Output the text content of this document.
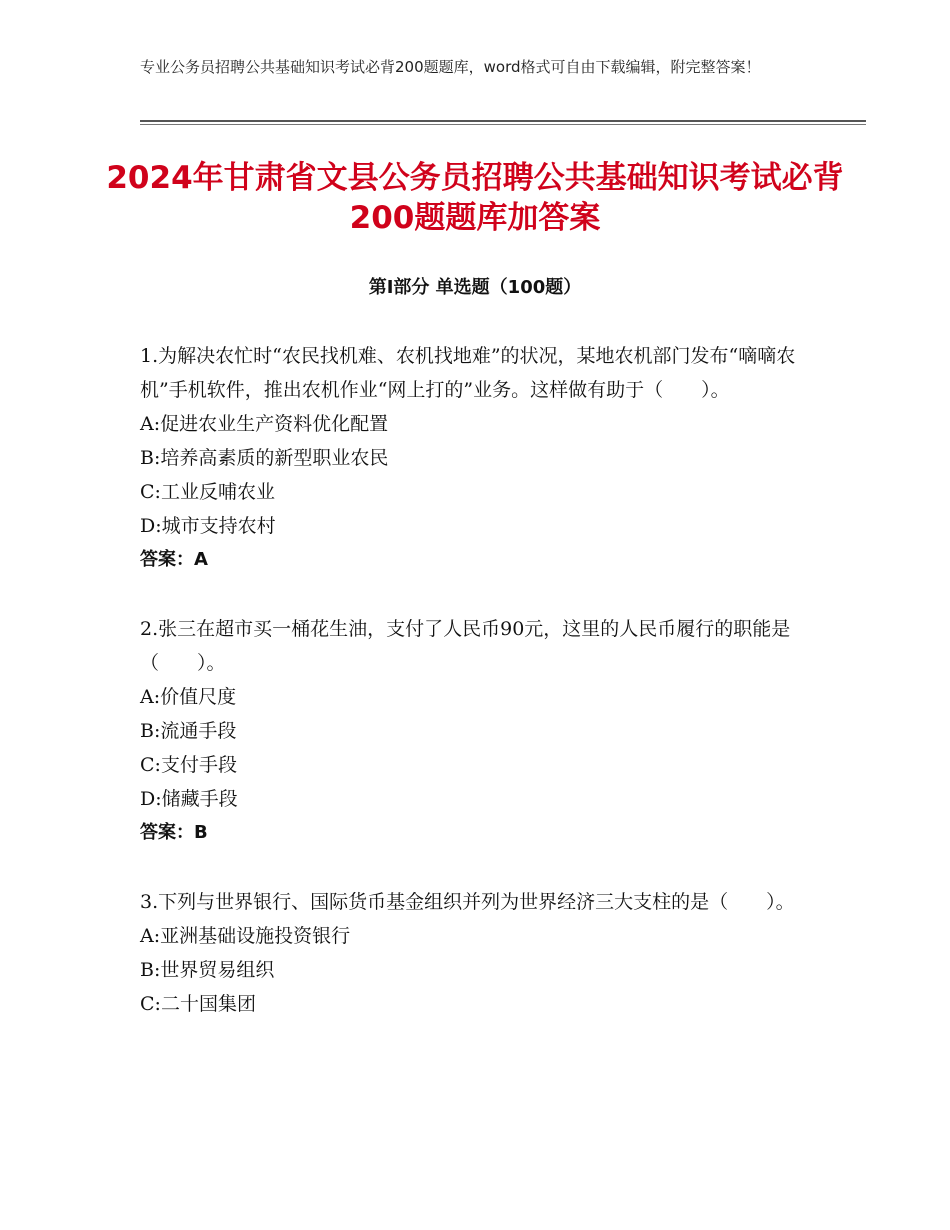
专业公务员招聘公共基础知识考试必背200题题库，word格式可自由下载编辑，附完整答案！
2024年甘肃省文县公务员招聘公共基础知识考试必背200题题库加答案
第Ⅰ部分 单选题（100题）

1.为解决农忙时“农民找机难、农机找地难”的状况，某地农机部门发布“嘀嘀农机”手机软件，推出农机作业“网上打的”业务。这样做有助于（　　）。

A:促进农业生产资料优化配置

B:培养高素质的新型职业农民

C:工业反哺农业

D:城市支持农村

答案：A

2.张三在超市买一桶花生油，支付了人民币90元，这里的人民币履行的职能是（　　）。

A:价值尺度

B:流通手段

C:支付手段

D:储藏手段

答案：B

3.下列与世界银行、国际货币基金组织并列为世界经济三大支柱的是（　　）。

A:亚洲基础设施投资银行

B:世界贸易组织

C:二十国集团
